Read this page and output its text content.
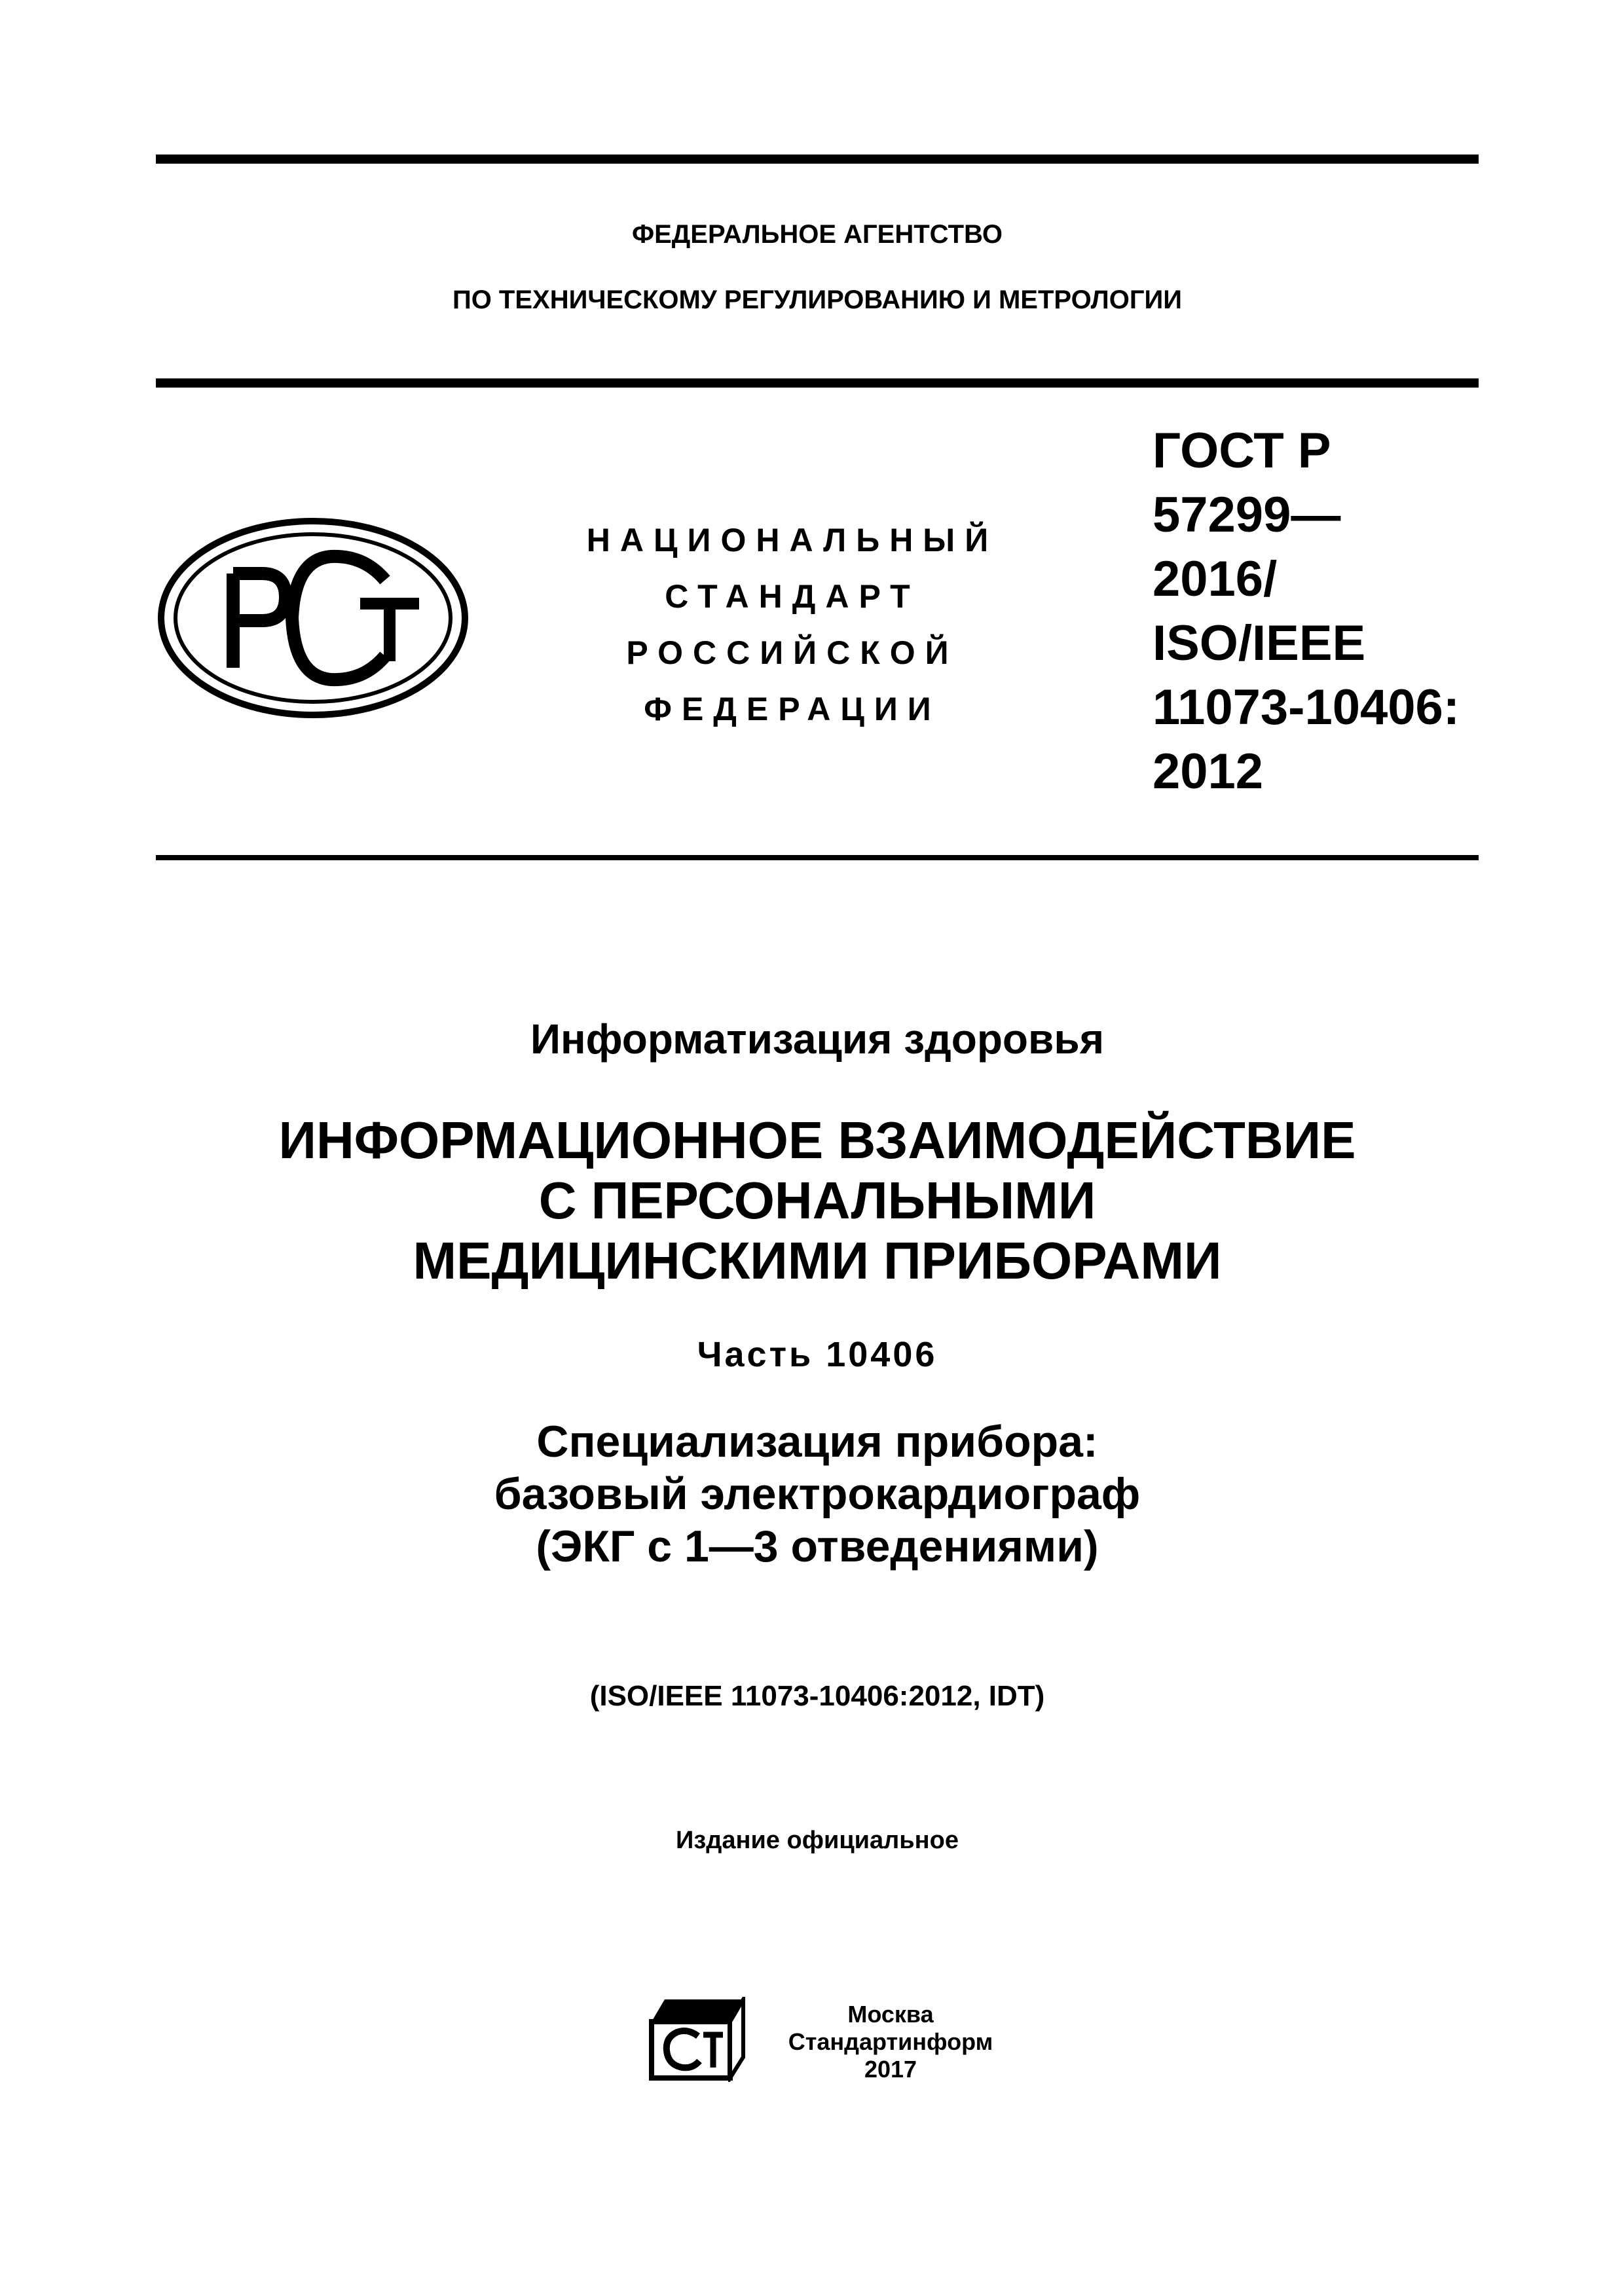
ФЕДЕРАЛЬНОЕ АГЕНТСТВО
ПО ТЕХНИЧЕСКОМУ РЕГУЛИРОВАНИЮ И МЕТРОЛОГИИ
НАЦИОНАЛЬНЫЙ
СТАНДАРТ
РОССИЙСКОЙ
ФЕДЕРАЦИИ
ГОСТ Р
57299—
2016/
ISO/IEEE
11073-10406:
2012
Информатизация здоровья
ИНФОРМАЦИОННОЕ ВЗАИМОДЕЙСТВИЕ
С ПЕРСОНАЛЬНЫМИ
МЕДИЦИНСКИМИ ПРИБОРАМИ
Часть 10406
Специализация прибора:
базовый электрокардиограф
(ЭКГ с 1—3 отведениями)
(ISO/IEEE 11073-10406:2012, IDT)
Издание официальное
Москва
Стандартинформ
2017
